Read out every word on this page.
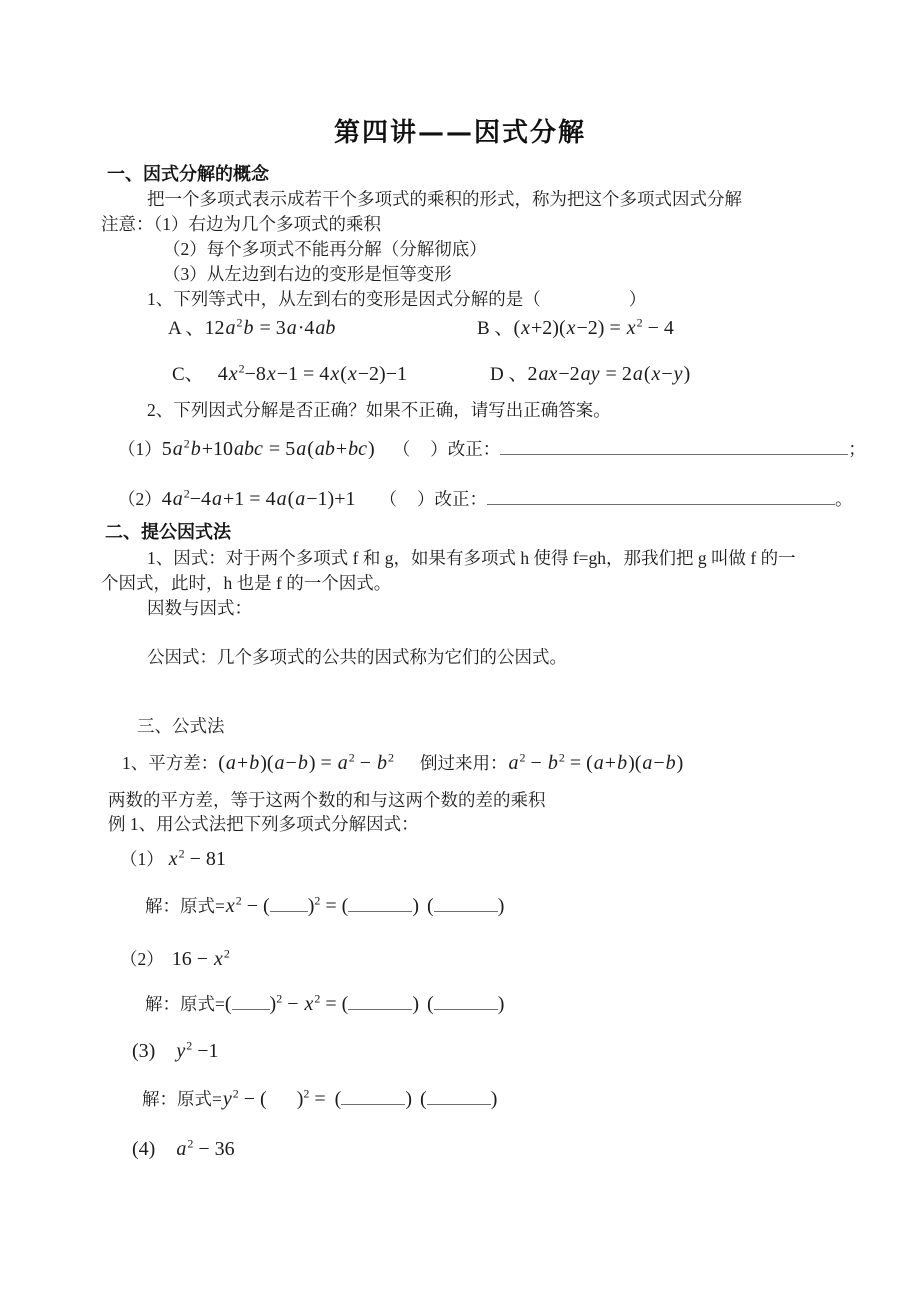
第四讲——因式分解
一、因式分解的概念
把一个多项式表示成若干个多项式的乘积的形式，称为把这个多项式因式分解
注意：（1）右边为几个多项式的乘积
（2）每个多项式不能再分解（分解彻底）
（3）从左边到右边的变形是恒等变形
1、下列等式中，从左到右的变形是因式分解的是（	）
A 、$12a^2b = 3a\cdot 4ab$	B 、$(x+2)(x-2) = x^2 - 4$
C、 $4x^2-8x-1 = 4x(x-2)-1$	D 、2ax−2ay = 2a(x−y)
2、下列因式分解是否正确？如果不正确，请写出正确答案。
$(1)5a^2b+10abc = 5a(ab+bc)$ （ ）改正：	；
$(2)4a^2-4a+1 = 4a(a-1)+1$ （ ）改正：	。
二、提公因式法
1、因式：对于两个多项式 f 和 g，如果有多项式 h 使得 f=gh，那我们把 g 叫做 f 的一
个因式，此时，h 也是 f 的一个因式。
因数与因式：
公因式：几个多项式的公共的因式称为它们的公因式。
三、公式法
1、平方差：$(a+b)(a-b) = a^2 - b^2$ 倒过来用：$a^2 - b^2 = (a+b)(a-b)$
两数的平方差，等于这两个数的和与这两个数的差的乘积
例 1、用公式法把下列多项式分解因式：
（1） $x^2 - 81$
解：原式$=x^2$ − ( )$^2$ = (	) (	)
（2） $16 - x^2$
解：原式=( )$^2 - x^2$ = (	) (	)
(3) $y^2 -1$
解：原式$=y^2$ − ( )$^2$ = (	) (	)
(4) $a^2 - 36$
